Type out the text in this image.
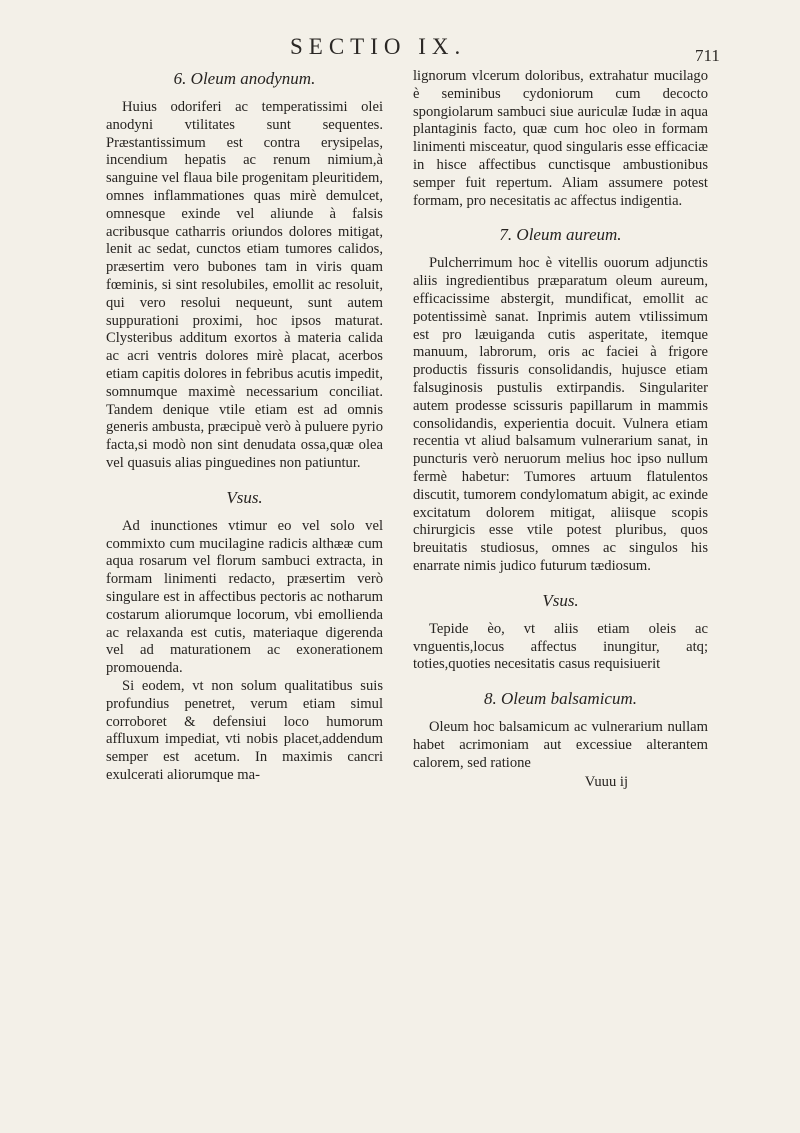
SECTIO IX.	711
6. Oleum anodynum.

Huius odoriferi ac temperatissimi olei anodyni vtilitates sunt sequentes. Præstantissimum est contra erysipelas, incendium hepatis ac renum nimium,à sanguine vel flaua bile progenitam pleuritidem, omnes inflammationes quas mirè demulcet, omnesque exinde vel aliunde à falsis acribusque catharris oriundos dolores mitigat, lenit ac sedat, cunctos etiam tumores calidos, præsertim vero bubones tam in viris quam fœminis, si sint resolubiles, emollit ac resoluit, qui vero resolui nequeunt, sunt autem suppurationi proximi, hoc ipsos maturat. Clysteribus additum exortos à materia calida ac acri ventris dolores mirè placat, acerbos etiam capitis dolores in febribus acutis impedit, somnumque maximè necessarium conciliat. Tandem denique vtile etiam est ad omnis generis ambusta, præcipuè verò à puluere pyrio facta,si modò non sint denudata ossa,quæ olea vel quasuis alias pinguedines non patiuntur.

Vsus.

Ad inunctiones vtimur eo vel solo vel commixto cum mucilagine radicis althææ cum aqua rosarum vel florum sambuci extracta, in formam linimenti redacto, præsertim verò singulare est in affectibus pectoris ac notharum costarum aliorumque locorum, vbi emollienda ac relaxanda est cutis, materiaque digerenda vel ad maturationem ac exonerationem promouenda.

Si eodem, vt non solum qualitatibus suis profundius penetret, verum etiam simul corroboret & defensiui loco humorum affluxum impediat, vti nobis placet,addendum semper est acetum. In maximis cancri exulcerati aliorumque ma-

lignorum vlcerum doloribus, extrahatur mucilago è seminibus cydoniorum cum decocto spongiolarum sambuci siue auriculæ Iudæ in aqua plantaginis facto, quæ cum hoc oleo in formam linimenti misceatur, quod singularis esse efficaciæ in hisce affectibus cunctisque ambustionibus semper fuit repertum. Aliam assumere potest formam, pro necesitatis ac affectus indigentia.

7. Oleum aureum.

Pulcherrimum hoc è vitellis ouorum adjunctis aliis ingredientibus præparatum oleum aureum, efficacissime abstergit, mundificat, emollit ac potentissimè sanat. Inprimis autem vtilissimum est pro læuiganda cutis asperitate, itemque manuum, labrorum, oris ac faciei à frigore productis fissuris consolidandis, hujusce etiam falsuginosis pustulis extirpandis. Singulariter autem prodesse scissuris papillarum in mammis consolidandis, experientia docuit. Vulnera etiam recentia vt aliud balsamum vulnerarium sanat, in puncturis verò neruorum melius hoc ipso nullum fermè habetur: Tumores artuum flatulentos discutit, tumorem condylomatum abigit, ac exinde excitatum dolorem mitigat, aliisque scopis chirurgicis esse vtile potest pluribus, quos breuitatis studiosus, omnes ac singulos his enarrate nimis judico futurum tædiosum.

Vsus.

Tepide èo, vt aliis etiam oleis ac vnguentis,locus affectus inungitur, atq; toties,quoties necesitatis casus requisiuerit

8. Oleum balsamicum.

Oleum hoc balsamicum ac vulnerarium nullam habet acrimoniam aut excessiue alterantem calorem, sed ratione

Vuuu ij
